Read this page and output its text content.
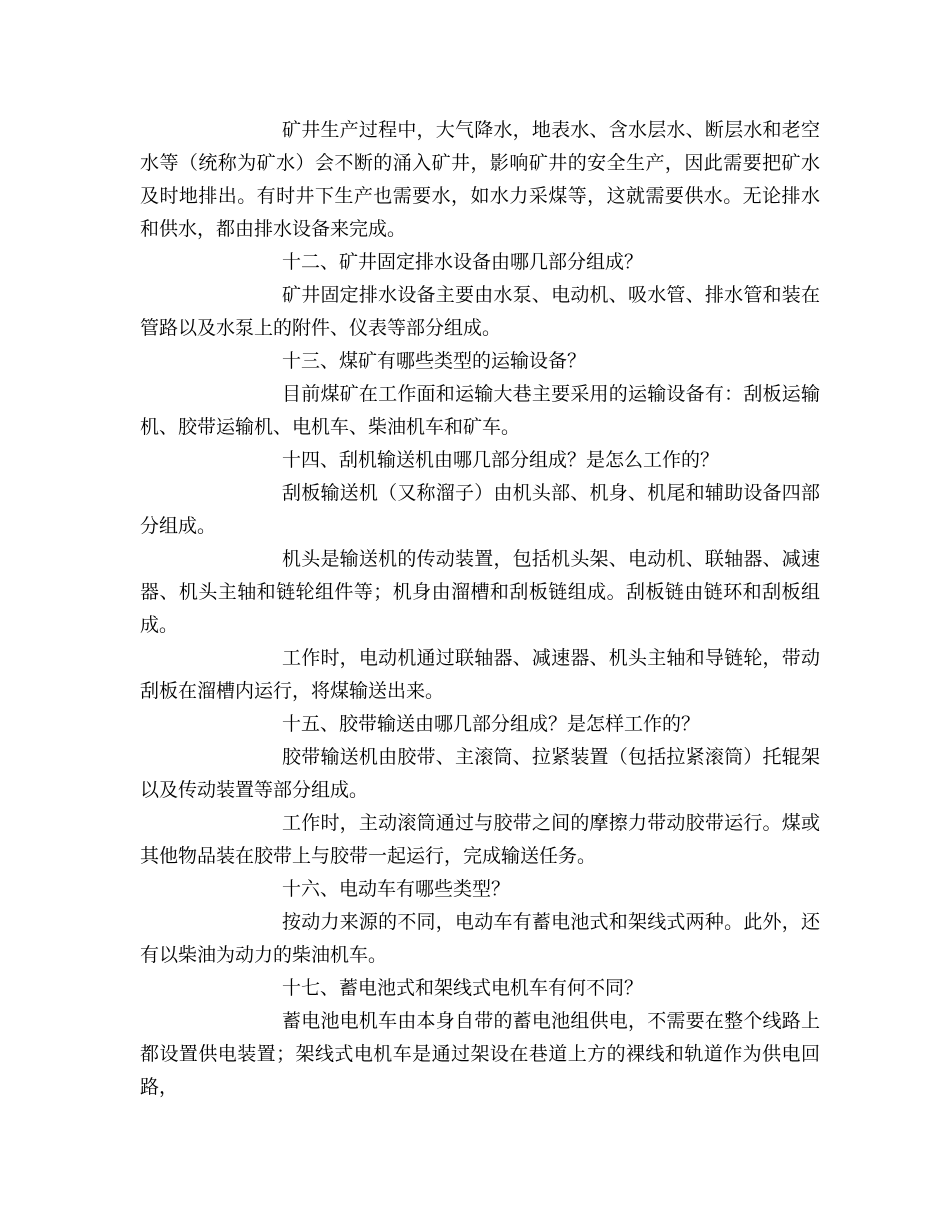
矿井生产过程中，大气降水，地表水、含水层水、断层水和老空水等（统称为矿水）会不断的涌入矿井，影响矿井的安全生产，因此需要把矿水及时地排出。有时井下生产也需要水，如水力采煤等，这就需要供水。无论排水和供水，都由排水设备来完成。

十二、矿井固定排水设备由哪几部分组成？

矿井固定排水设备主要由水泵、电动机、吸水管、排水管和装在管路以及水泵上的附件、仪表等部分组成。

十三、煤矿有哪些类型的运输设备？

目前煤矿在工作面和运输大巷主要采用的运输设备有：刮板运输机、胶带运输机、电机车、柴油机车和矿车。

十四、刮机输送机由哪几部分组成？是怎么工作的？

刮板输送机（又称溜子）由机头部、机身、机尾和辅助设备四部分组成。

机头是输送机的传动装置，包括机头架、电动机、联轴器、减速器、机头主轴和链轮组件等；机身由溜槽和刮板链组成。刮板链由链环和刮板组成。

工作时，电动机通过联轴器、减速器、机头主轴和导链轮，带动刮板在溜槽内运行，将煤输送出来。

十五、胶带输送由哪几部分组成？是怎样工作的？

胶带输送机由胶带、主滚筒、拉紧装置（包括拉紧滚筒）托辊架以及传动装置等部分组成。

工作时，主动滚筒通过与胶带之间的摩擦力带动胶带运行。煤或其他物品装在胶带上与胶带一起运行，完成输送任务。

十六、电动车有哪些类型？

按动力来源的不同，电动车有蓄电池式和架线式两种。此外，还有以柴油为动力的柴油机车。

十七、蓄电池式和架线式电机车有何不同？

蓄电池电机车由本身自带的蓄电池组供电，不需要在整个线路上都设置供电装置；架线式电机车是通过架设在巷道上方的裸线和轨道作为供电回路，
